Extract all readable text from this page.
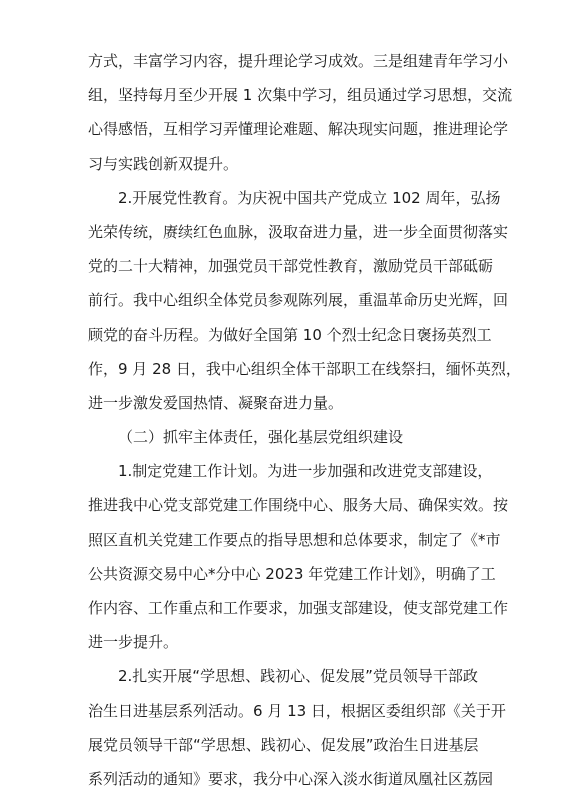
方式，丰富学习内容，提升理论学习成效。三是组建青年学习小
组，坚持每月至少开展 1 次集中学习，组员通过学习思想，交流
心得感悟，互相学习弄懂理论难题、解决现实问题，推进理论学
习与实践创新双提升。

2.开展党性教育。为庆祝中国共产党成立 102 周年，弘扬
光荣传统，赓续红色血脉，汲取奋进力量，进一步全面贯彻落实
党的二十大精神，加强党员干部党性教育，激励党员干部砥砺
前行。我中心组织全体党员参观陈列展，重温革命历史光辉，回
顾党的奋斗历程。为做好全国第 10 个烈士纪念日褒扬英烈工
作，9 月 28 日，我中心组织全体干部职工在线祭扫，缅怀英烈，
进一步激发爱国热情、凝聚奋进力量。

（二）抓牢主体责任，强化基层党组织建设

1.制定党建工作计划。为进一步加强和改进党支部建设，
推进我中心党支部党建工作围绕中心、服务大局、确保实效。按
照区直机关党建工作要点的指导思想和总体要求，制定了《*市
公共资源交易中心*分中心 2023 年党建工作计划》，明确了工
作内容、工作重点和工作要求，加强支部建设，使支部党建工作
进一步提升。

2.扎实开展“学思想、践初心、促发展”党员领导干部政
治生日进基层系列活动。6 月 13 日，根据区委组织部《关于开
展党员领导干部“学思想、践初心、促发展”政治生日进基层
系列活动的通知》要求，我分中心深入淡水街道凤凰社区荔园
